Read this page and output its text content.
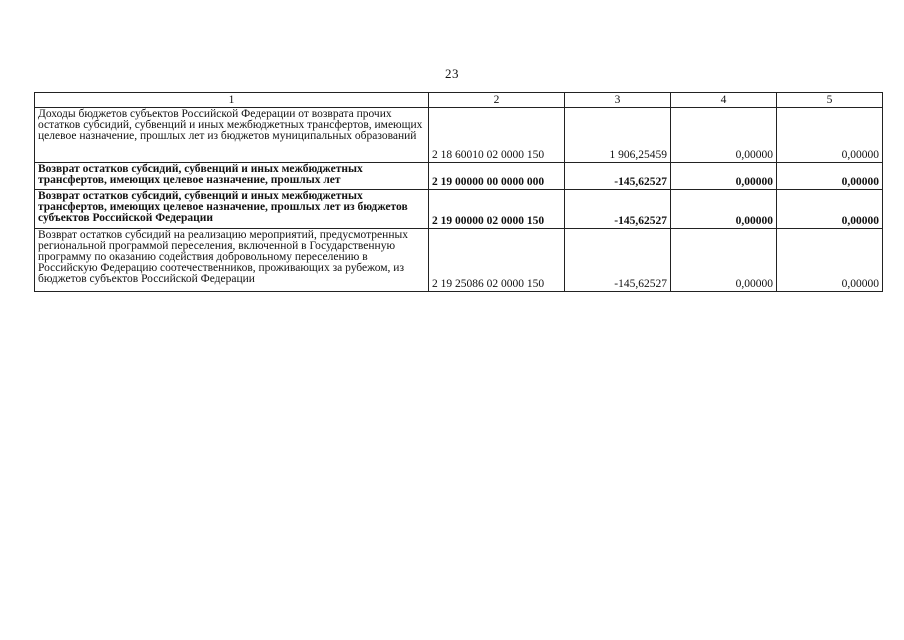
23
1	2	3	4	5
Доходы бюджетов субъектов Российской Федерации от возврата прочих остатков субсидий, субвенций и иных межбюджетных трансфертов, имеющих целевое назначение, прошлых лет из бюджетов муниципальных образований	2 18 60010 02 0000 150	1 906,25459	0,00000	0,00000
Возврат остатков субсидий, субвенций и иных межбюджетных трансфертов, имеющих целевое назначение, прошлых лет	2 19 00000 00 0000 000	-145,62527	0,00000	0,00000
Возврат остатков субсидий, субвенций и иных межбюджетных трансфертов, имеющих целевое назначение, прошлых лет из бюджетов субъектов Российской Федерации	2 19 00000 02 0000 150	-145,62527	0,00000	0,00000
Возврат остатков субсидий на реализацию мероприятий, предусмотренных региональной программой переселения, включенной в Государственную программу по оказанию содействия добровольному переселению в Российскую Федерацию соотечественников, проживающих за рубежом, из бюджетов субъектов Российской Федерации	2 19 25086 02 0000 150	-145,62527	0,00000	0,00000
